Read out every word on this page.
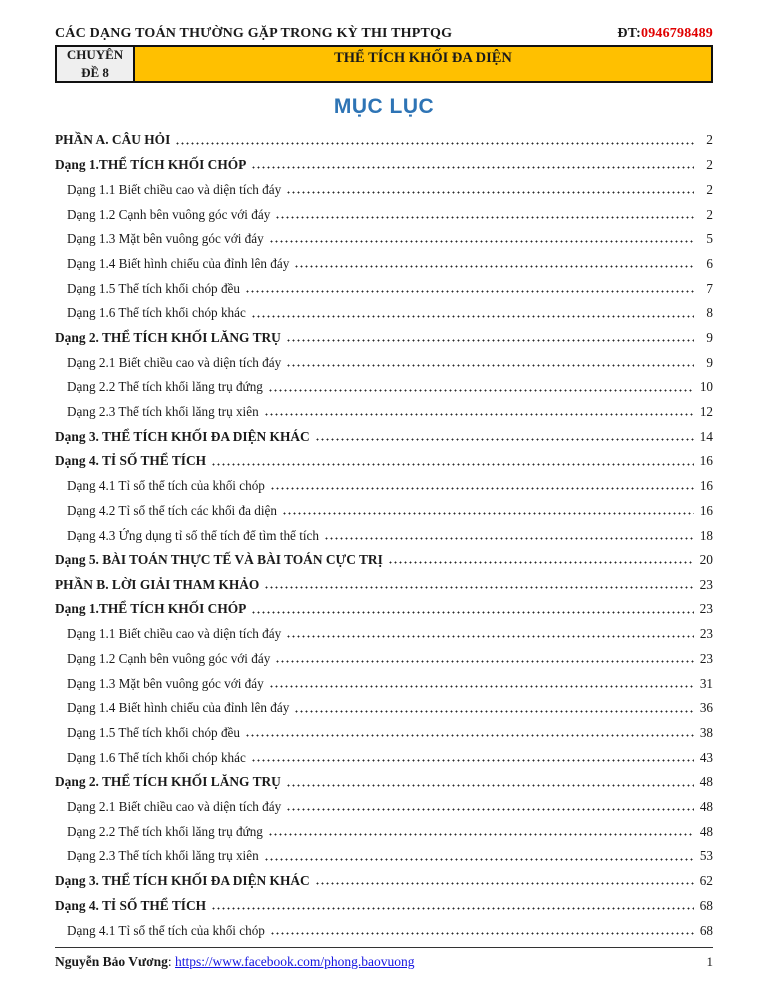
CÁC DẠNG TOÁN THƯỜNG GẶP TRONG KỲ THI THPTQG	ĐT:0946798489
CHUYÊN
ĐỀ 8
THỂ TÍCH KHỐI ĐA DIỆN
MỤC LỤC
PHẦN A. CÂU HỎI	2
Dạng 1.THỂ TÍCH KHỐI CHÓP	2
Dạng 1.1 Biết chiều cao và diện tích đáy	2
Dạng 1.2 Cạnh bên vuông góc với đáy	2
Dạng 1.3 Mặt bên vuông góc với đáy	5
Dạng 1.4 Biết hình chiếu của đỉnh lên đáy	6
Dạng 1.5 Thể tích khối chóp đều	7
Dạng 1.6 Thể tích khối chóp khác	8
Dạng 2. THỂ TÍCH KHỐI LĂNG TRỤ	9
Dạng 2.1 Biết chiều cao và diện tích đáy	9
Dạng 2.2 Thể tích khối lăng trụ đứng	10
Dạng 2.3 Thể tích khối lăng trụ xiên	12
Dạng 3. THỂ TÍCH KHỐI ĐA DIỆN KHÁC	14
Dạng 4. TỈ SỐ THỂ TÍCH	16
Dạng 4.1 Tỉ số thể tích của khối chóp	16
Dạng 4.2 Tỉ số thể tích các khối đa diện	16
Dạng 4.3 Ứng dụng tỉ số thể tích để tìm thể tích	18
Dạng 5. BÀI TOÁN THỰC TẾ VÀ BÀI TOÁN CỰC TRỊ	20
PHẦN B. LỜI GIẢI THAM KHẢO	23
Dạng 1.THỂ TÍCH KHỐI CHÓP	23
Dạng 1.1 Biết chiều cao và diện tích đáy	23
Dạng 1.2 Cạnh bên vuông góc với đáy	23
Dạng 1.3 Mặt bên vuông góc với đáy	31
Dạng 1.4 Biết hình chiếu của đỉnh lên đáy	36
Dạng 1.5 Thể tích khối chóp đều	38
Dạng 1.6 Thể tích khối chóp khác	43
Dạng 2. THỂ TÍCH KHỐI LĂNG TRỤ	48
Dạng 2.1 Biết chiều cao và diện tích đáy	48
Dạng 2.2 Thể tích khối lăng trụ đứng	48
Dạng 2.3 Thể tích khối lăng trụ xiên	53
Dạng 3. THỂ TÍCH KHỐI ĐA DIỆN KHÁC	62
Dạng 4. TỈ SỐ THỂ TÍCH	68
Dạng 4.1 Tỉ số thể tích của khối chóp	68
Nguyễn Bảo Vương: https://www.facebook.com/phong.baovuong	1
